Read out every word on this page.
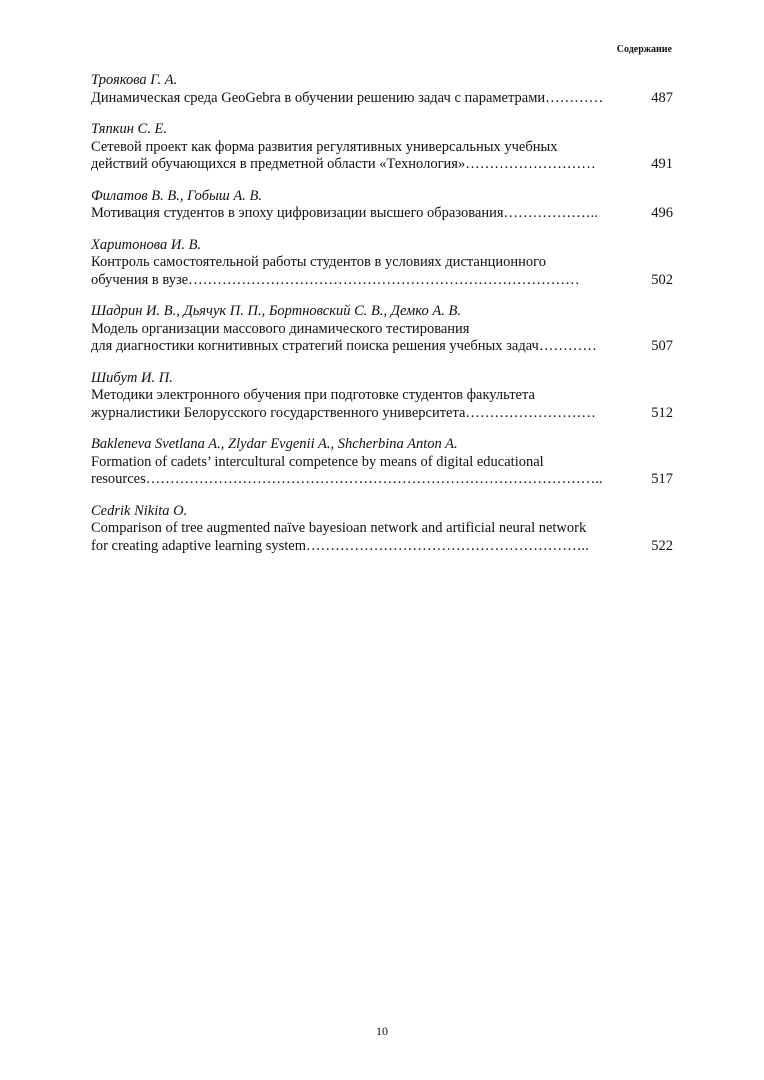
Содержание
Троякова Г. А.
Динамическая среда GeoGebra в обучении решению задач с параметрами…………	487
Тяпкин С. Е.
Сетевой проект как форма развития регулятивных универсальных учебных
действий обучающихся в предметной области «Технология»………………………	491
Филатов В. В., Гобыш А. В.
Мотивация студентов в эпоху цифровизации высшего образования………………..	496
Харитонова И. В.
Контроль самостоятельной работы студентов в условиях дистанционного
обучения в вузе………………………………………………………………………	502
Шадрин И. В., Дьячук П. П., Бортновский С. В., Демко А. В.
Модель организации массового динамического тестирования
для диагностики когнитивных стратегий поиска решения учебных задач…………	507
Шибут И. П.
Методики электронного обучения при подготовке студентов факультета
журналистики Белорусского государственного университета………………………	512
Bakleneva Svetlana A., Zlydar Evgenii A., Shcherbina Anton A.
Formation of cadets’ intercultural competence by means of digital educational
resources…………………………………………………………………………………..	517
Cedrik Nikita O.
Comparison of tree augmented naïve bayesioan network and artificial neural network
for creating adaptive learning system…………………………………………………..	522
10
